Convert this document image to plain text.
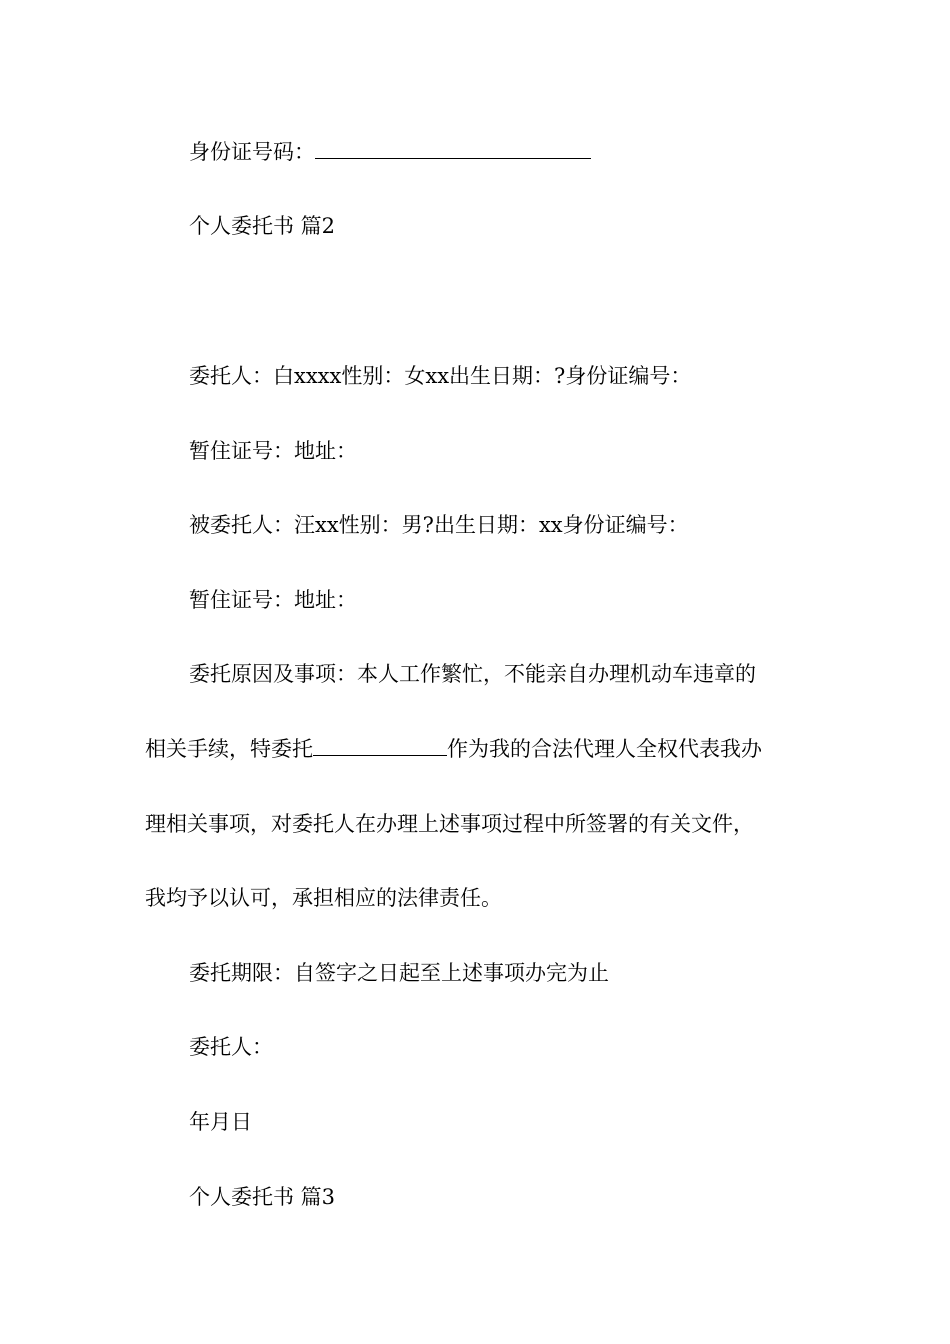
身份证号码：
个人委托书 篇2
委托人：白xxxx性别：女xx出生日期：?身份证编号：
暂住证号：地址：
被委托人：汪xx性别：男?出生日期：xx身份证编号：
暂住证号：地址：
委托原因及事项：本人工作繁忙，不能亲自办理机动车违章的
相关手续，特委托	作为我的合法代理人全权代表我办
理相关事项，对委托人在办理上述事项过程中所签署的有关文件，
我均予以认可，承担相应的法律责任。
委托期限：自签字之日起至上述事项办完为止
委托人：
年月日
个人委托书 篇3
